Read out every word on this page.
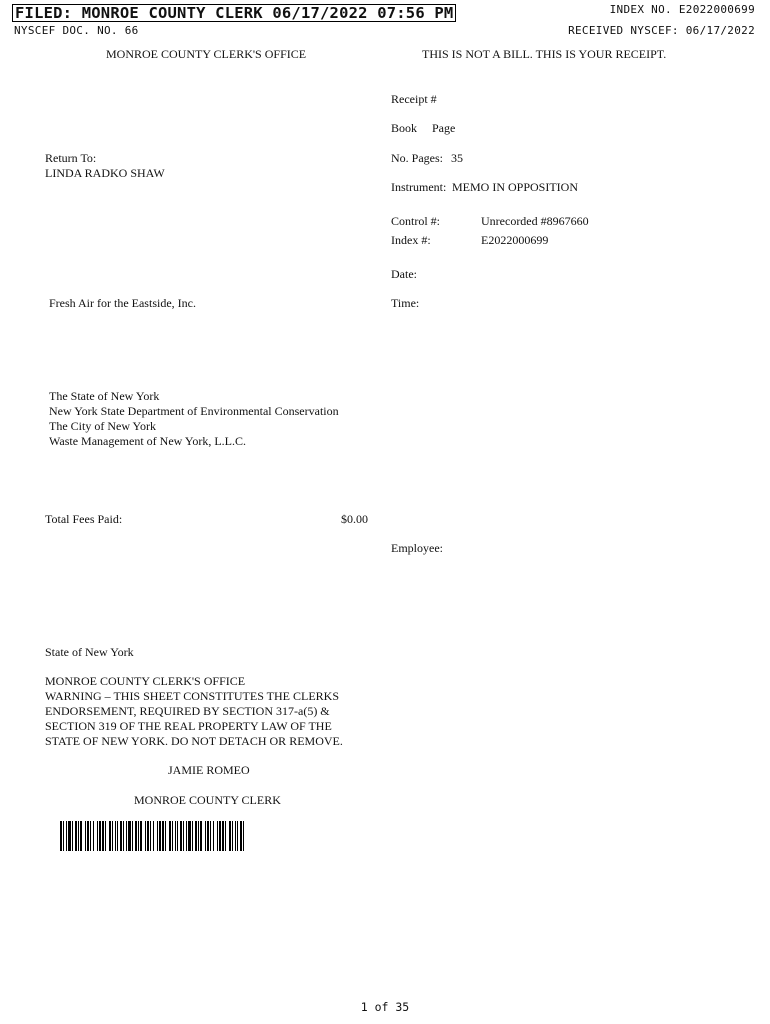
FILED: MONROE COUNTY CLERK 06/17/2022 07:56 PM	INDEX NO. E2022000699
NYSCEF DOC. NO. 66	RECEIVED NYSCEF: 06/17/2022
MONROE COUNTY CLERK'S OFFICE	THIS IS NOT A BILL. THIS IS YOUR RECEIPT.
Receipt #
Book Page
No. Pages: 35
Instrument: MEMO IN OPPOSITION
Control #:	Unrecorded #8967660
Index #:	E2022000699
Date:
Time:
Employee:
Return To:
LINDA RADKO SHAW
Fresh Air for the Eastside, Inc.
The State of New York
New York State Department of Environmental Conservation
The City of New York
Waste Management of New York, L.L.C.
Total Fees Paid:	$0.00
State of New York
MONROE COUNTY CLERK'S OFFICE
WARNING – THIS SHEET CONSTITUTES THE CLERKS
ENDORSEMENT, REQUIRED BY SECTION 317-a(5) &
SECTION 319 OF THE REAL PROPERTY LAW OF THE
STATE OF NEW YORK. DO NOT DETACH OR REMOVE.
JAMIE ROMEO
MONROE COUNTY CLERK
1 of 35
